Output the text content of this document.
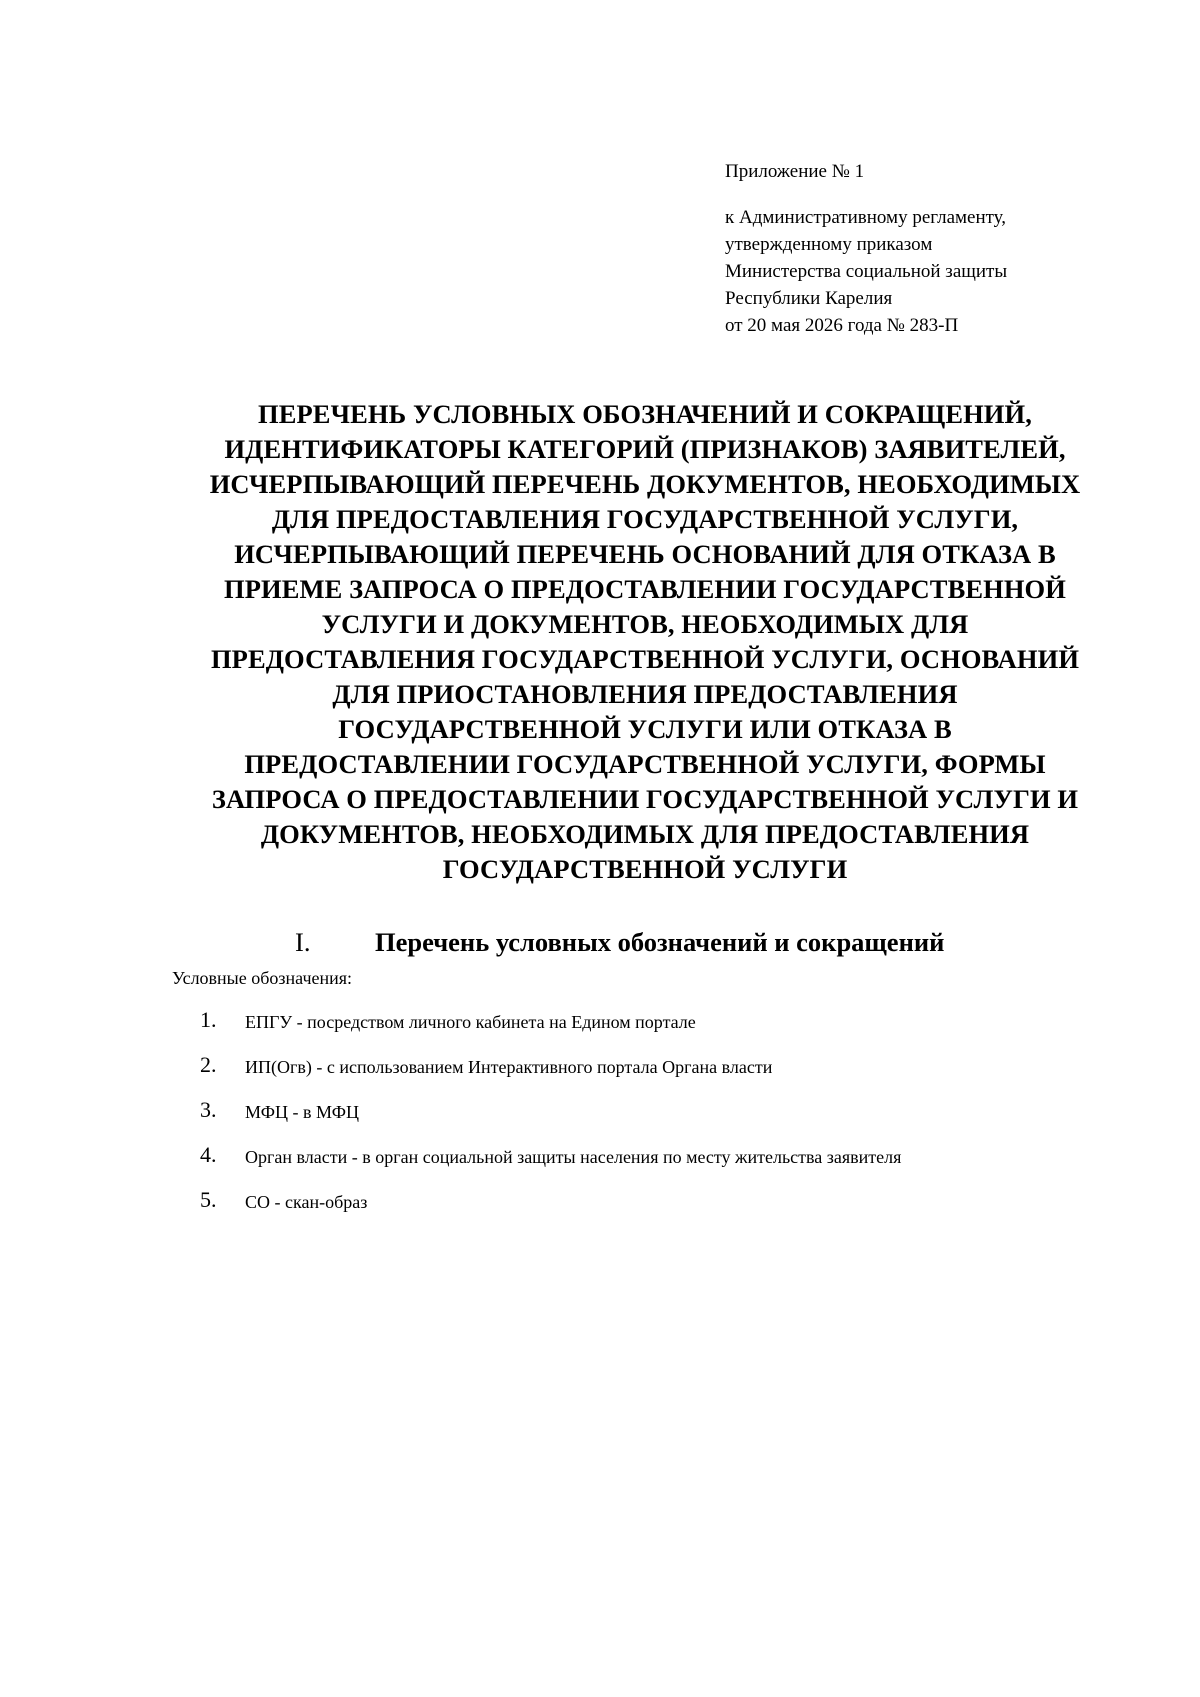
Приложение № 1
к Административному регламенту,
утвержденному приказом
Министерства социальной защиты
Республики Карелия
от 20 мая 2026 года № 283-П
ПЕРЕЧЕНЬ УСЛОВНЫХ ОБОЗНАЧЕНИЙ И СОКРАЩЕНИЙ,
ИДЕНТИФИКАТОРЫ КАТЕГОРИЙ (ПРИЗНАКОВ) ЗАЯВИТЕЛЕЙ,
ИСЧЕРПЫВАЮЩИЙ ПЕРЕЧЕНЬ ДОКУМЕНТОВ, НЕОБХОДИМЫХ
ДЛЯ ПРЕДОСТАВЛЕНИЯ ГОСУДАРСТВЕННОЙ УСЛУГИ,
ИСЧЕРПЫВАЮЩИЙ ПЕРЕЧЕНЬ ОСНОВАНИЙ ДЛЯ ОТКАЗА В
ПРИЕМЕ ЗАПРОСА О ПРЕДОСТАВЛЕНИИ ГОСУДАРСТВЕННОЙ
УСЛУГИ И ДОКУМЕНТОВ, НЕОБХОДИМЫХ ДЛЯ
ПРЕДОСТАВЛЕНИЯ ГОСУДАРСТВЕННОЙ УСЛУГИ, ОСНОВАНИЙ
ДЛЯ ПРИОСТАНОВЛЕНИЯ ПРЕДОСТАВЛЕНИЯ
ГОСУДАРСТВЕННОЙ УСЛУГИ ИЛИ ОТКАЗА В
ПРЕДОСТАВЛЕНИИ ГОСУДАРСТВЕННОЙ УСЛУГИ, ФОРМЫ
ЗАПРОСА О ПРЕДОСТАВЛЕНИИ ГОСУДАРСТВЕННОЙ УСЛУГИ И
ДОКУМЕНТОВ, НЕОБХОДИМЫХ ДЛЯ ПРЕДОСТАВЛЕНИЯ
ГОСУДАРСТВЕННОЙ УСЛУГИ
I. Перечень условных обозначений и сокращений
Условные обозначения:
1.	ЕПГУ - посредством личного кабинета на Едином портале
2.	ИП(Огв) - с использованием Интерактивного портала Органа власти
3.	МФЦ - в МФЦ
4.	Орган власти - в орган социальной защиты населения по месту жительства заявителя
5.	СО - скан-образ
